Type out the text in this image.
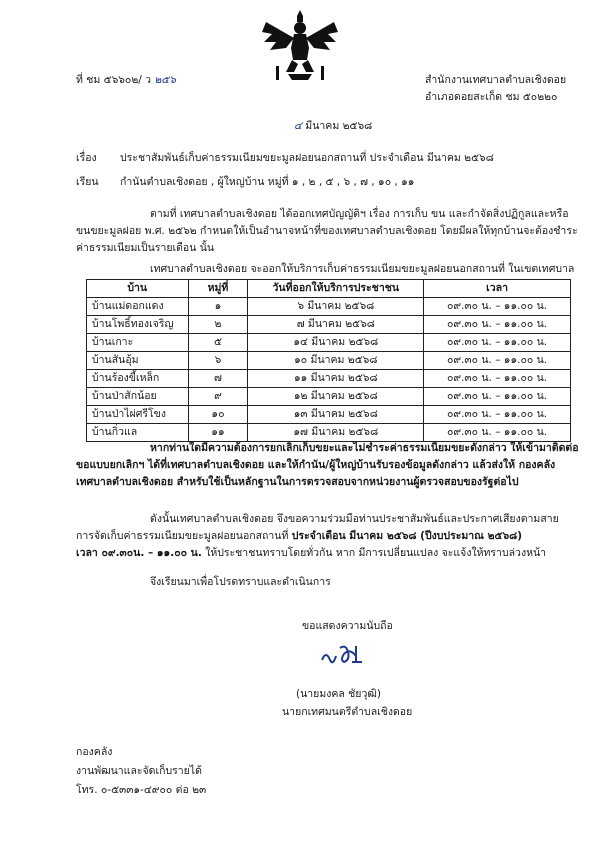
ที่ ชม ๕๖๖๐๒/ ว ๒๕๖	สำนักงานเทศบาลตำบลเชิงดอย
อำเภอดอยสะเก็ด ชม ๕๐๒๒๐
๔ มีนาคม ๒๕๖๘
เรื่อง ประชาสัมพันธ์เก็บค่าธรรมเนียมขยะมูลฝอยนอกสถานที่ ประจำเดือน มีนาคม ๒๕๖๘
เรียน กำนันตำบลเชิงดอย , ผู้ใหญ่บ้าน หมู่ที่ ๑ , ๒ , ๕ , ๖ , ๗ , ๑๐ , ๑๑
ตามที่ เทศบาลตำบลเชิงดอย ได้ออกเทศบัญญัติฯ เรื่อง การเก็บ ขน และกำจัดสิ่งปฏิกูลและหรือ
ขนขยะมูลฝอย พ.ศ. ๒๕๖๒ กำหนดให้เป็นอำนาจหน้าที่ของเทศบาลตำบลเชิงดอย โดยมีผลให้ทุกบ้านจะต้องชำระ
ค่าธรรมเนียมเป็นรายเดือน นั้น
เทศบาลตำบลเชิงดอย จะออกให้บริการเก็บค่าธรรมเนียมขยะมูลฝอยนอกสถานที่ ในเขตเทศบาล
บ้าน	หมู่ที่	วันที่ออกให้บริการประชาชน	เวลา
บ้านแม่ดอกแดง	๑	๖ มีนาคม ๒๕๖๘	๐๙.๓๐ น. – ๑๑.๐๐ น.
บ้านโพธิ์ทองเจริญ	๒	๗ มีนาคม ๒๕๖๘	๐๙.๓๐ น. – ๑๑.๐๐ น.
บ้านเกาะ	๕	๑๔ มีนาคม ๒๕๖๘	๐๙.๓๐ น. – ๑๑.๐๐ น.
บ้านสันอุ้ม	๖	๑๐ มีนาคม ๒๕๖๘	๐๙.๓๐ น. – ๑๑.๐๐ น.
บ้านร้องขี้เหล็ก	๗	๑๑ มีนาคม ๒๕๖๘	๐๙.๓๐ น. – ๑๑.๐๐ น.
บ้านป่าสักน้อย	๙	๑๒ มีนาคม ๒๕๖๘	๐๙.๓๐ น. – ๑๑.๐๐ น.
บ้านป่าไผ่ศรีโขง	๑๐	๑๓ มีนาคม ๒๕๖๘	๐๙.๓๐ น. – ๑๑.๐๐ น.
บ้านกิ่วแล	๑๑	๑๗ มีนาคม ๒๕๖๘	๐๙.๓๐ น. – ๑๑.๐๐ น.
หากท่านใดมีความต้องการยกเลิกเก็บขยะและไม่ชำระค่าธรรมเนียมขยะดังกล่าว ให้เข้ามาติดต่อ
ขอแบบยกเลิกฯ ได้ที่เทศบาลตำบลเชิงดอย และให้กำนัน/ผู้ใหญ่บ้านรับรองข้อมูลดังกล่าว แล้วส่งให้ กองคลัง
เทศบาลตำบลเชิงดอย สำหรับใช้เป็นหลักฐานในการตรวจสอบจากหน่วยงานผู้ตรวจสอบของรัฐต่อไป
ดังนั้นเทศบาลตำบลเชิงดอย จึงขอความร่วมมือท่านประชาสัมพันธ์และประกาศเสียงตามสาย
การจัดเก็บค่าธรรมเนียมขยะมูลฝอยนอกสถานที่ ประจำเดือน มีนาคม ๒๕๖๘ (ปีงบประมาณ ๒๕๖๘)
เวลา ๐๙.๓๐น. – ๑๑.๐๐ น. ให้ประชาชนทราบโดยทั่วกัน หาก มีการเปลี่ยนแปลง จะแจ้งให้ทราบล่วงหน้า
จึงเรียนมาเพื่อโปรดทราบและดำเนินการ
ขอแสดงความนับถือ
(นายมงคล ชัยวุฒิ)
นายกเทศมนตรีตำบลเชิงดอย
กองคลัง
งานพัฒนาและจัดเก็บรายได้
โทร. ๐-๕๓๓๑-๔๙๐๐ ต่อ ๒๓
